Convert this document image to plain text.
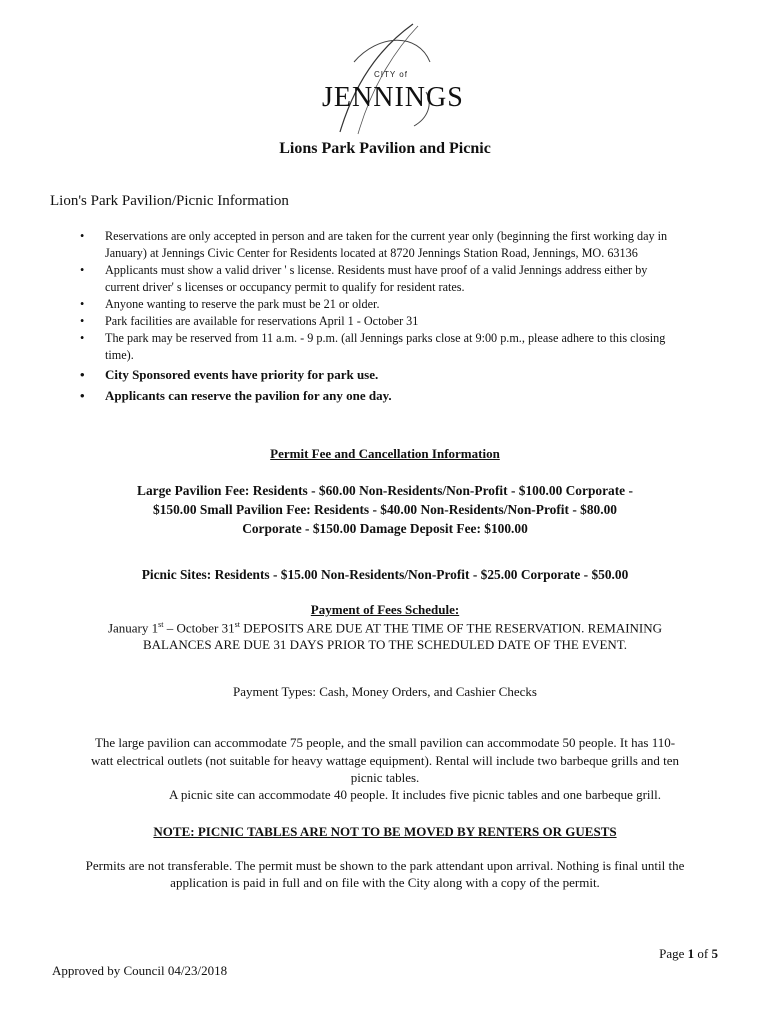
CITY of
JENNINGS
Lions Park Pavilion and Picnic
Lion's Park Pavilion/Picnic Information
• Reservations are only accepted in person and are taken for the current year only (beginning the first working day in January) at Jennings Civic Center for Residents located at 8720 Jennings Station Road, Jennings, MO. 63136
• Applicants must show a valid driver ' s license. Residents must have proof of a valid Jennings address either by current driver' s licenses or occupancy permit to qualify for resident rates.
• Anyone wanting to reserve the park must be 21 or older.
• Park facilities are available for reservations April 1 - October 31
• The park may be reserved from 11 a.m. - 9 p.m. (all Jennings parks close at 9:00 p.m., please adhere to this closing time).
• City Sponsored events have priority for park use.
• Applicants can reserve the pavilion for any one day.
Permit Fee and Cancellation Information
Large Pavilion Fee: Residents - $60.00 Non-Residents/Non-Profit - $100.00 Corporate - $150.00 Small Pavilion Fee: Residents - $40.00 Non-Residents/Non-Profit - $80.00 Corporate - $150.00 Damage Deposit Fee: $100.00
Picnic Sites: Residents - $15.00 Non-Residents/Non-Profit - $25.00 Corporate - $50.00
Payment of Fees Schedule:
January 1st – October 31st DEPOSITS ARE DUE AT THE TIME OF THE RESERVATION. REMAINING BALANCES ARE DUE 31 DAYS PRIOR TO THE SCHEDULED DATE OF THE EVENT.
Payment Types: Cash, Money Orders, and Cashier Checks
The large pavilion can accommodate 75 people, and the small pavilion can accommodate 50 people. It has 110-watt electrical outlets (not suitable for heavy wattage equipment). Rental will include two barbeque grills and ten picnic tables.
A picnic site can accommodate 40 people. It includes five picnic tables and one barbeque grill.
NOTE: PICNIC TABLES ARE NOT TO BE MOVED BY RENTERS OR GUESTS
Permits are not transferable. The permit must be shown to the park attendant upon arrival. Nothing is final until the application is paid in full and on file with the City along with a copy of the permit.
Page 1 of 5
Approved by Council 04/23/2018
